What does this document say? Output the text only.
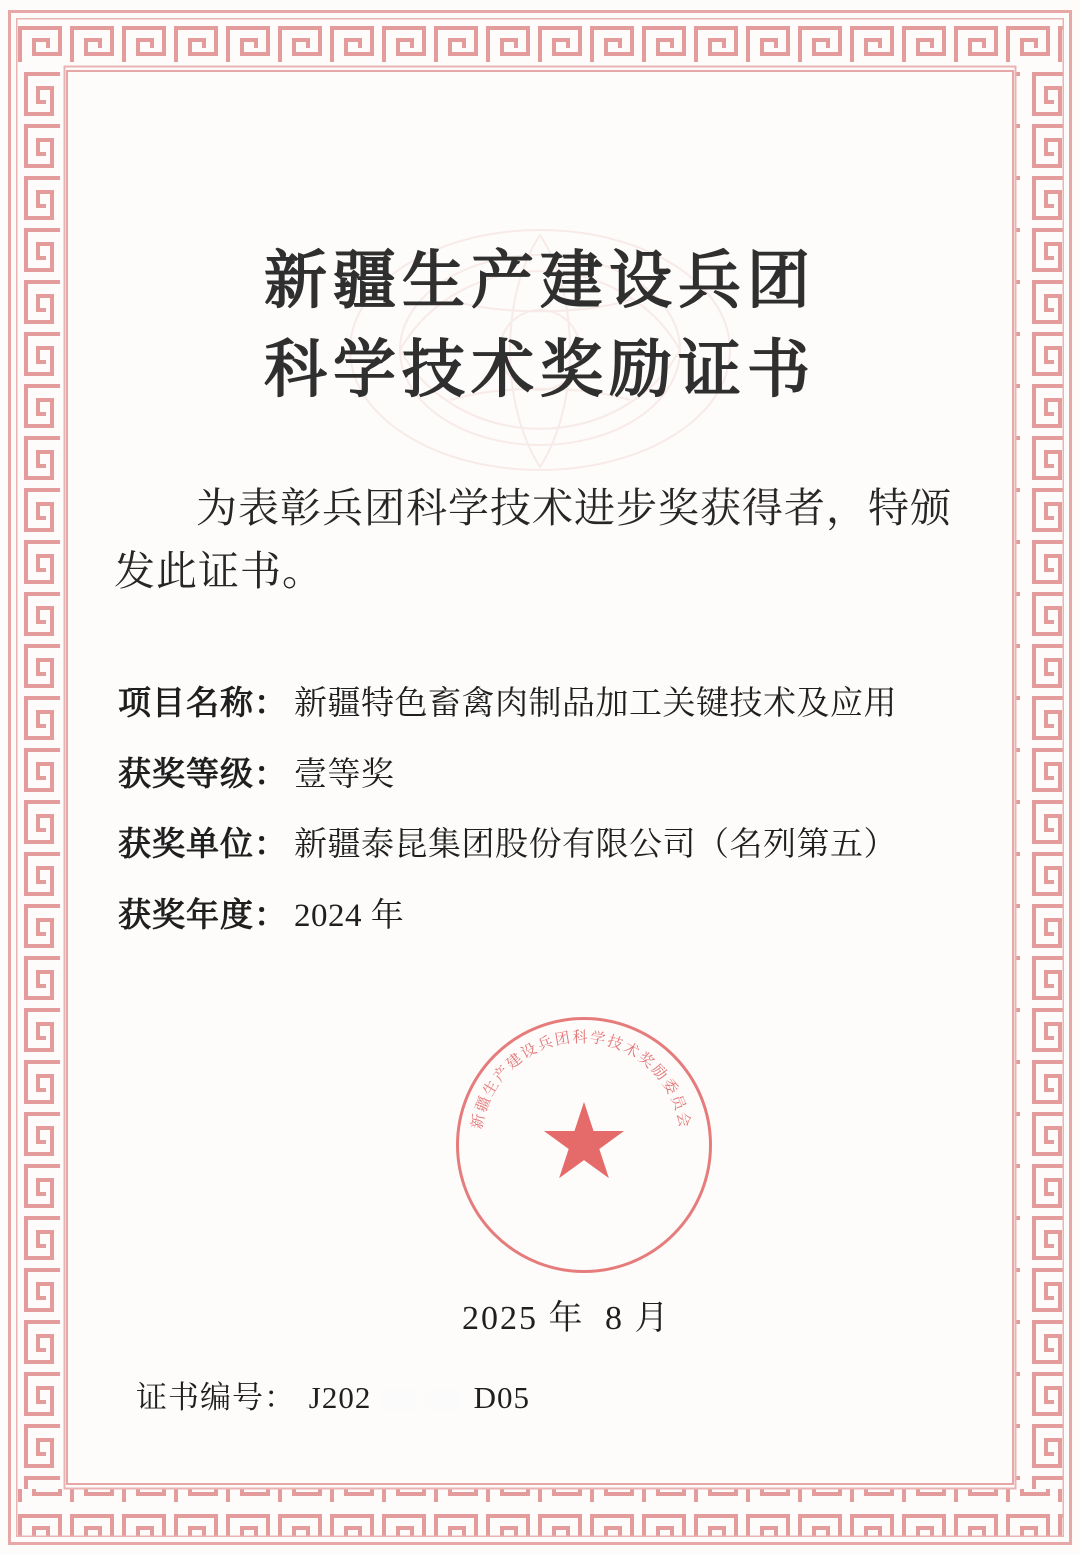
新疆生产建设兵团
科学技术奖励证书
为表彰兵团科学技术进步奖获得者，特颁发此证书。
项目名称： 新疆特色畜禽肉制品加工关键技术及应用
获奖等级： 壹等奖
获奖单位： 新疆泰昆集团股份有限公司（名列第五）
获奖年度： 2024 年
新疆生产建设兵团科学技术奖励委员会
★
2025 年 8 月
证书编号： J202	D05
